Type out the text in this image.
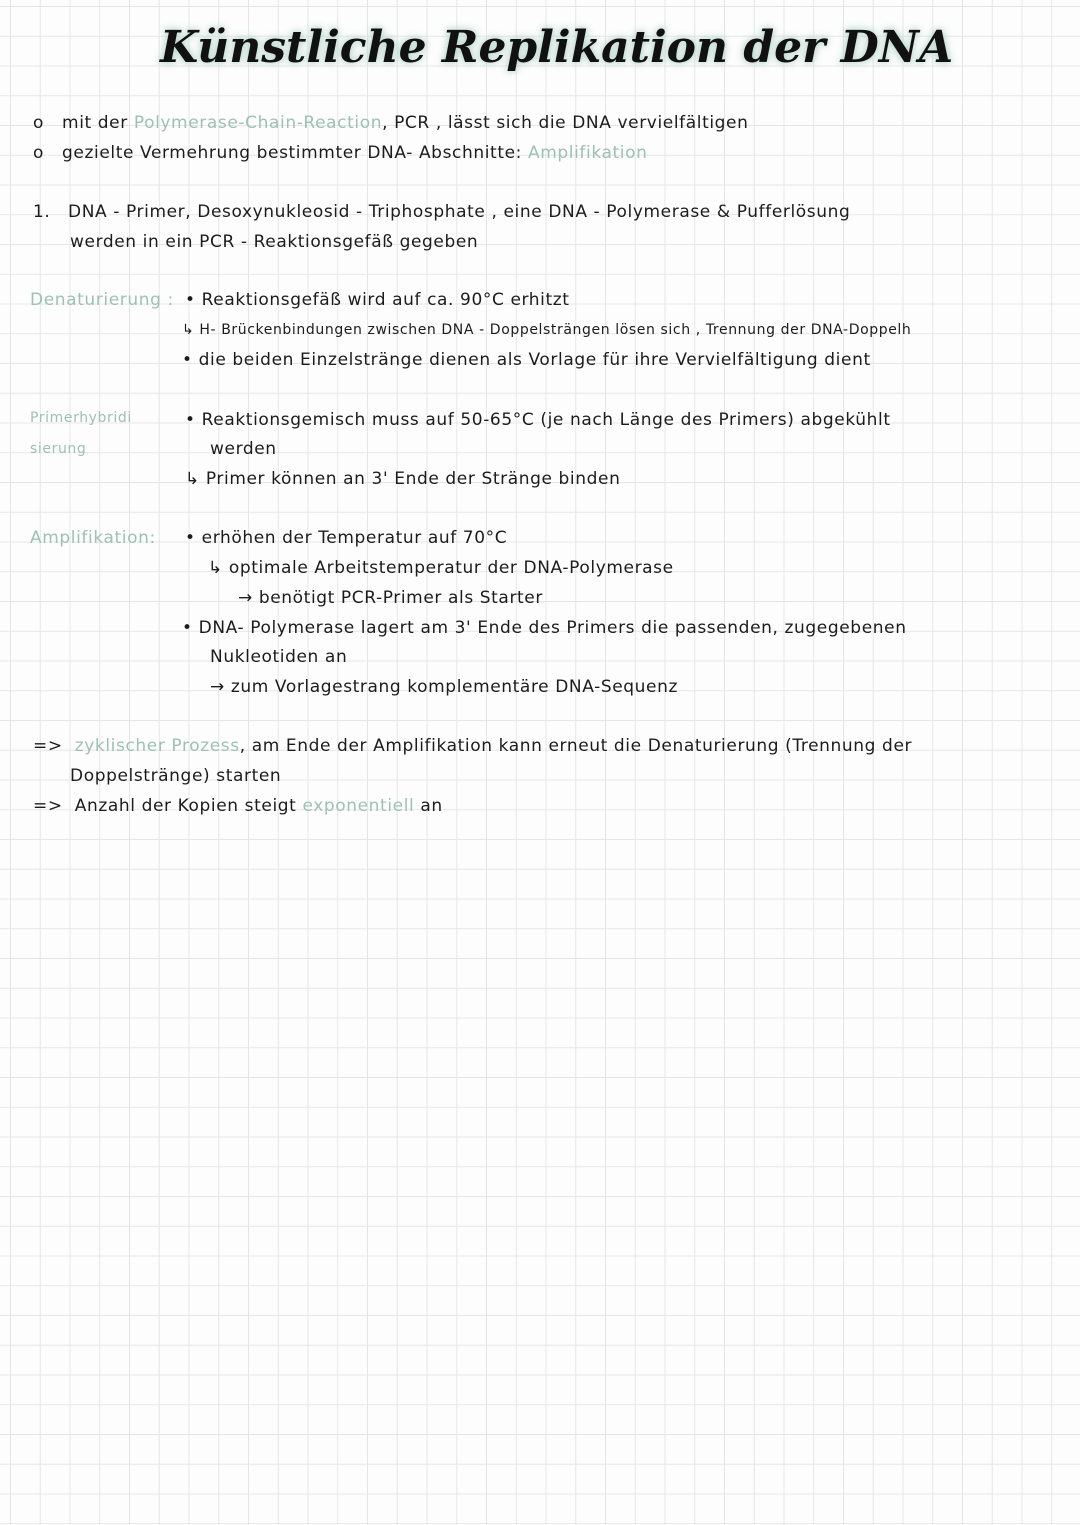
Künstliche Replikation der DNA
o mit der Polymerase-Chain-Reaction, PCR , lässt sich die DNA vervielfältigen
o gezielte Vermehrung bestimmter DNA- Abschnitte: Amplifikation
1. DNA - Primer, Desoxynukleosid - Triphosphate , eine DNA - Polymerase & Pufferlösung
werden in ein PCR - Reaktionsgefäß gegeben
Denaturierung : • Reaktionsgefäß wird auf ca. 90°C erhitzt
↳ H- Brückenbindungen zwischen DNA - Doppelsträngen lösen sich , Trennung der DNA-Doppelh
• die beiden Einzelstränge dienen als Vorlage für ihre Vervielfältigung dient
Primerhybridi
sierung
• Reaktionsgemisch muss auf 50-65°C (je nach Länge des Primers) abgekühlt
werden
↳ Primer können an 3' Ende der Stränge binden
Amplifikation: • erhöhen der Temperatur auf 70°C
↳ optimale Arbeitstemperatur der DNA-Polymerase
→ benötigt PCR-Primer als Starter
• DNA- Polymerase lagert am 3' Ende des Primers die passenden, zugegebenen
Nukleotiden an
→ zum Vorlagestrang komplementäre DNA-Sequenz
=> zyklischer Prozess, am Ende der Amplifikation kann erneut die Denaturierung (Trennung der
Doppelstränge) starten
=> Anzahl der Kopien steigt exponentiell an
